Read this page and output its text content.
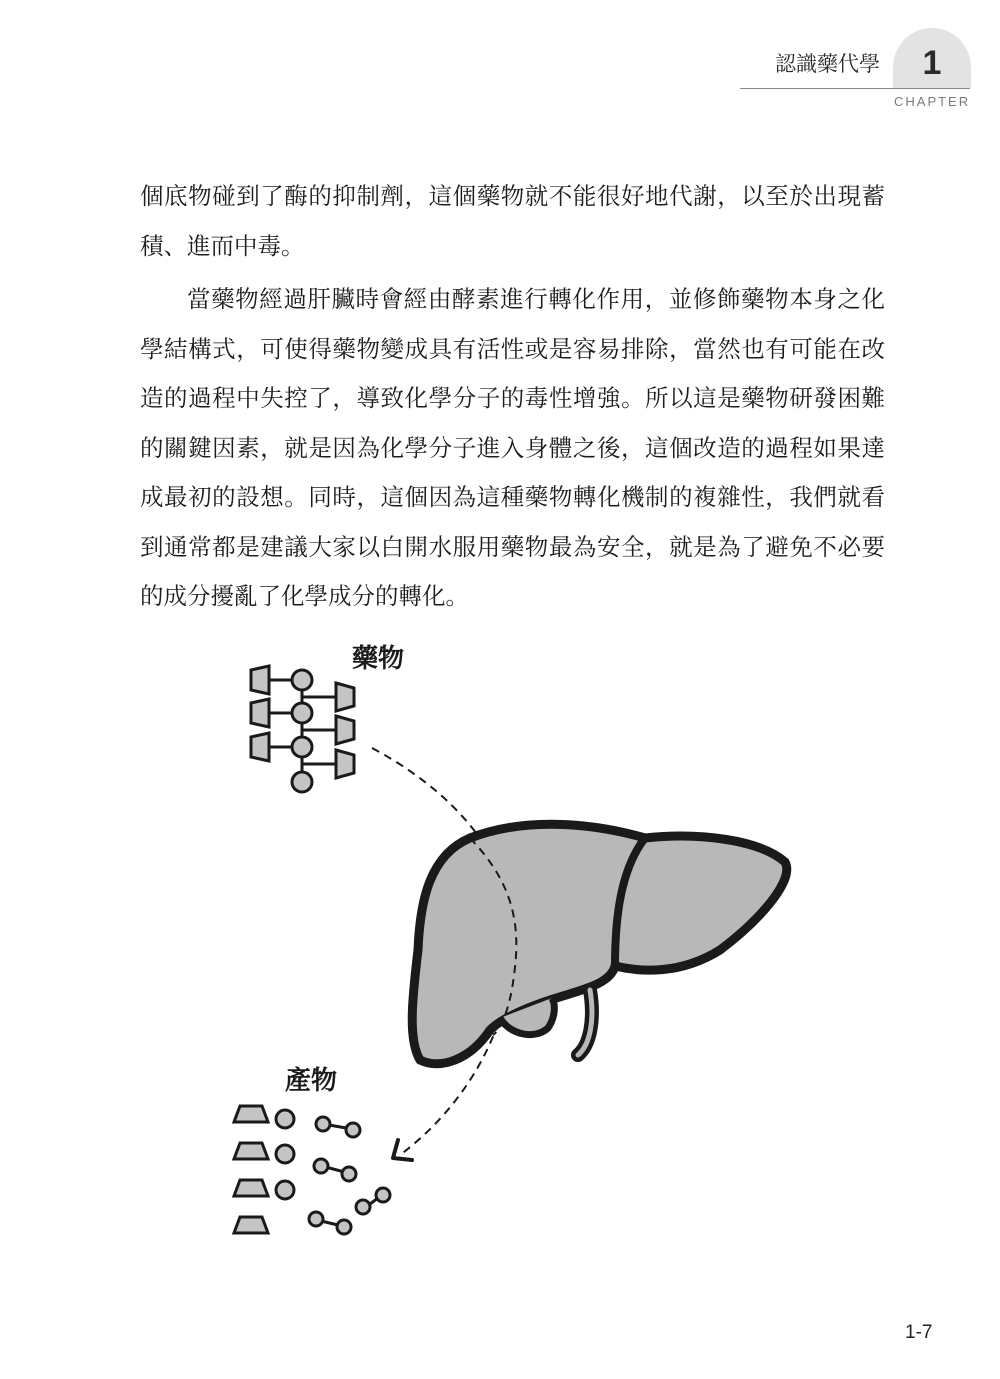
認識藥代學	1
CHAPTER
個底物碰到了酶的抑制劑，這個藥物就不能很好地代謝，以至於出現蓄積、進而中毒。
當藥物經過肝臟時會經由酵素進行轉化作用，並修飾藥物本身之化學結構式，可使得藥物變成具有活性或是容易排除，當然也有可能在改造的過程中失控了，導致化學分子的毒性增強。所以這是藥物研發困難的關鍵因素，就是因為化學分子進入身體之後，這個改造的過程如果達成最初的設想。同時，這個因為這種藥物轉化機制的複雜性，我們就看到通常都是建議大家以白開水服用藥物最為安全，就是為了避免不必要的成分擾亂了化學成分的轉化。
藥物
產物
1-7
